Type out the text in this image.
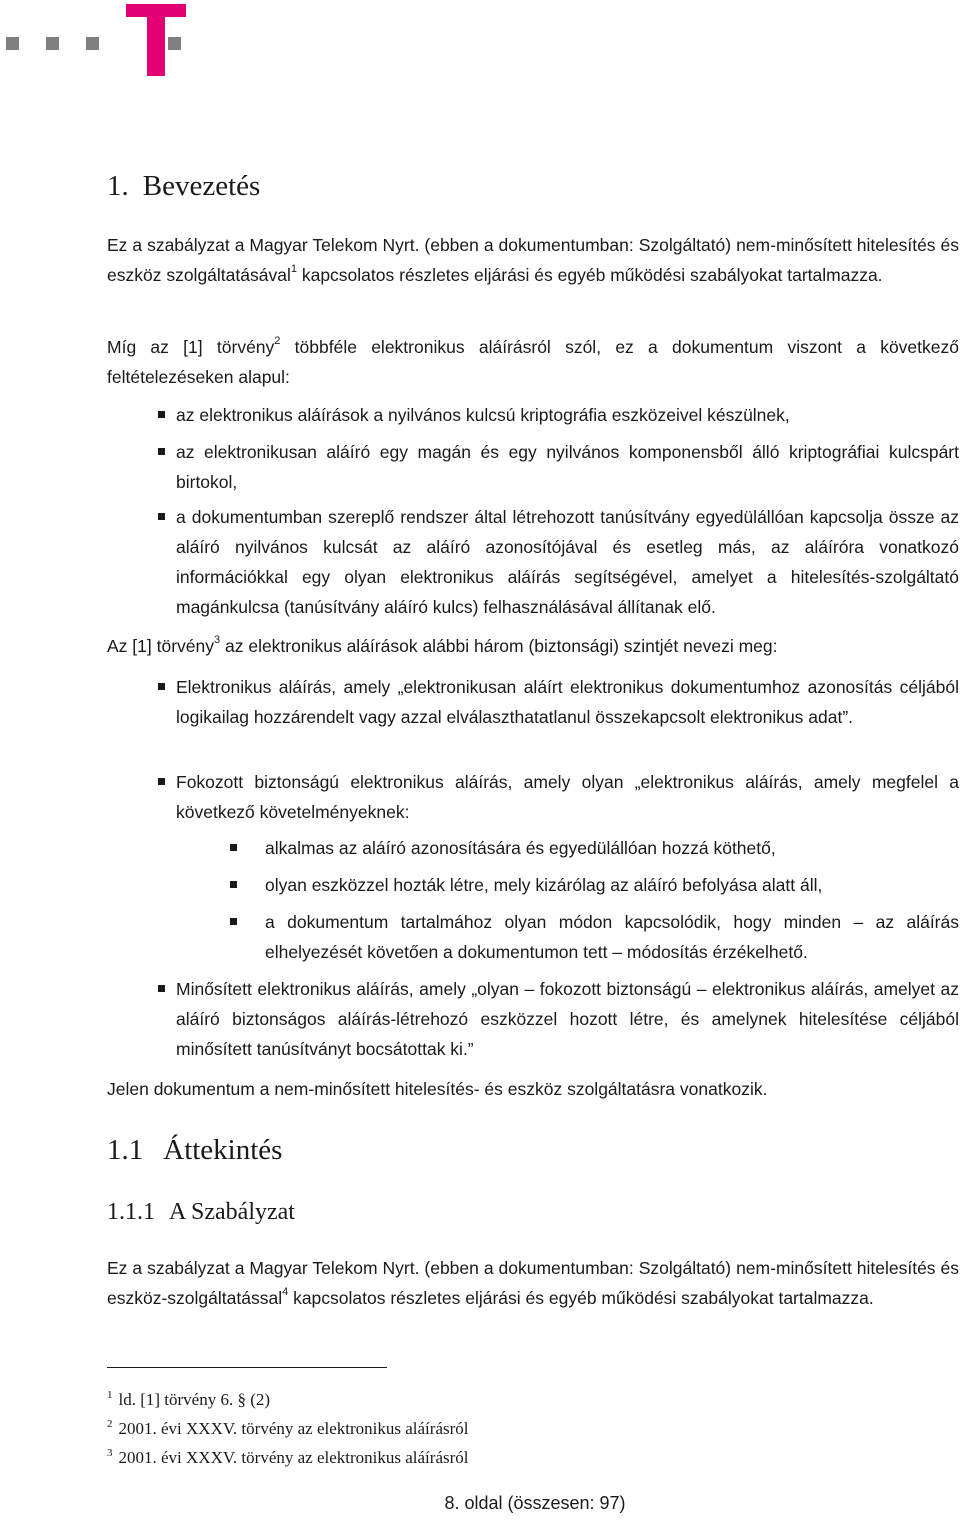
1. Bevezetés
Ez a szabályzat a Magyar Telekom Nyrt. (ebben a dokumentumban: Szolgáltató) nem-minősített hitelesítés és eszköz szolgáltatásával$^1$ kapcsolatos részletes eljárási és egyéb működési szabályokat tartalmazza.
Míg az [1] törvény$^2$ többféle elektronikus aláírásról szól, ez a dokumentum viszont a következő feltételezéseken alapul:
az elektronikus aláírások a nyilvános kulcsú kriptográfia eszközeivel készülnek,
az elektronikusan aláíró egy magán és egy nyilvános komponensből álló kriptográfiai kulcspárt birtokol,
a dokumentumban szereplő rendszer által létrehozott tanúsítvány egyedülállóan kapcsolja össze az aláíró nyilvános kulcsát az aláíró azonosítójával és esetleg más, az aláíróra vonatkozó információkkal egy olyan elektronikus aláírás segítségével, amelyet a hitelesítés-szolgáltató magánkulcsa (tanúsítvány aláíró kulcs) felhasználásával állítanak elő.
Az [1] törvény$^3$ az elektronikus aláírások alábbi három (biztonsági) szintjét nevezi meg:
Elektronikus aláírás, amely „elektronikusan aláírt elektronikus dokumentumhoz azonosítás céljából logikailag hozzárendelt vagy azzal elválaszthatatlanul összekapcsolt elektronikus adat”.
Fokozott biztonságú elektronikus aláírás, amely olyan „elektronikus aláírás, amely megfelel a következő követelményeknek:
alkalmas az aláíró azonosítására és egyedülállóan hozzá köthető,
olyan eszközzel hozták létre, mely kizárólag az aláíró befolyása alatt áll,
a dokumentum tartalmához olyan módon kapcsolódik, hogy minden – az aláírás elhelyezését követően a dokumentumon tett – módosítás érzékelhető.
Minősített elektronikus aláírás, amely „olyan – fokozott biztonságú – elektronikus aláírás, amelyet az aláíró biztonságos aláírás-létrehozó eszközzel hozott létre, és amelynek hitelesítése céljából minősített tanúsítványt bocsátottak ki.”
Jelen dokumentum a nem-minősített hitelesítés- és eszköz szolgáltatásra vonatkozik.
1.1 Áttekintés
1.1.1 A Szabályzat
Ez a szabályzat a Magyar Telekom Nyrt. (ebben a dokumentumban: Szolgáltató) nem-minősített hitelesítés és eszköz-szolgáltatással$^4$ kapcsolatos részletes eljárási és egyéb működési szabályokat tartalmazza.
$^1$ ld. [1] törvény 6. § (2)
$^2$ 2001. évi XXXV. törvény az elektronikus aláírásról
$^3$ 2001. évi XXXV. törvény az elektronikus aláírásról
8. oldal (összesen: 97)
